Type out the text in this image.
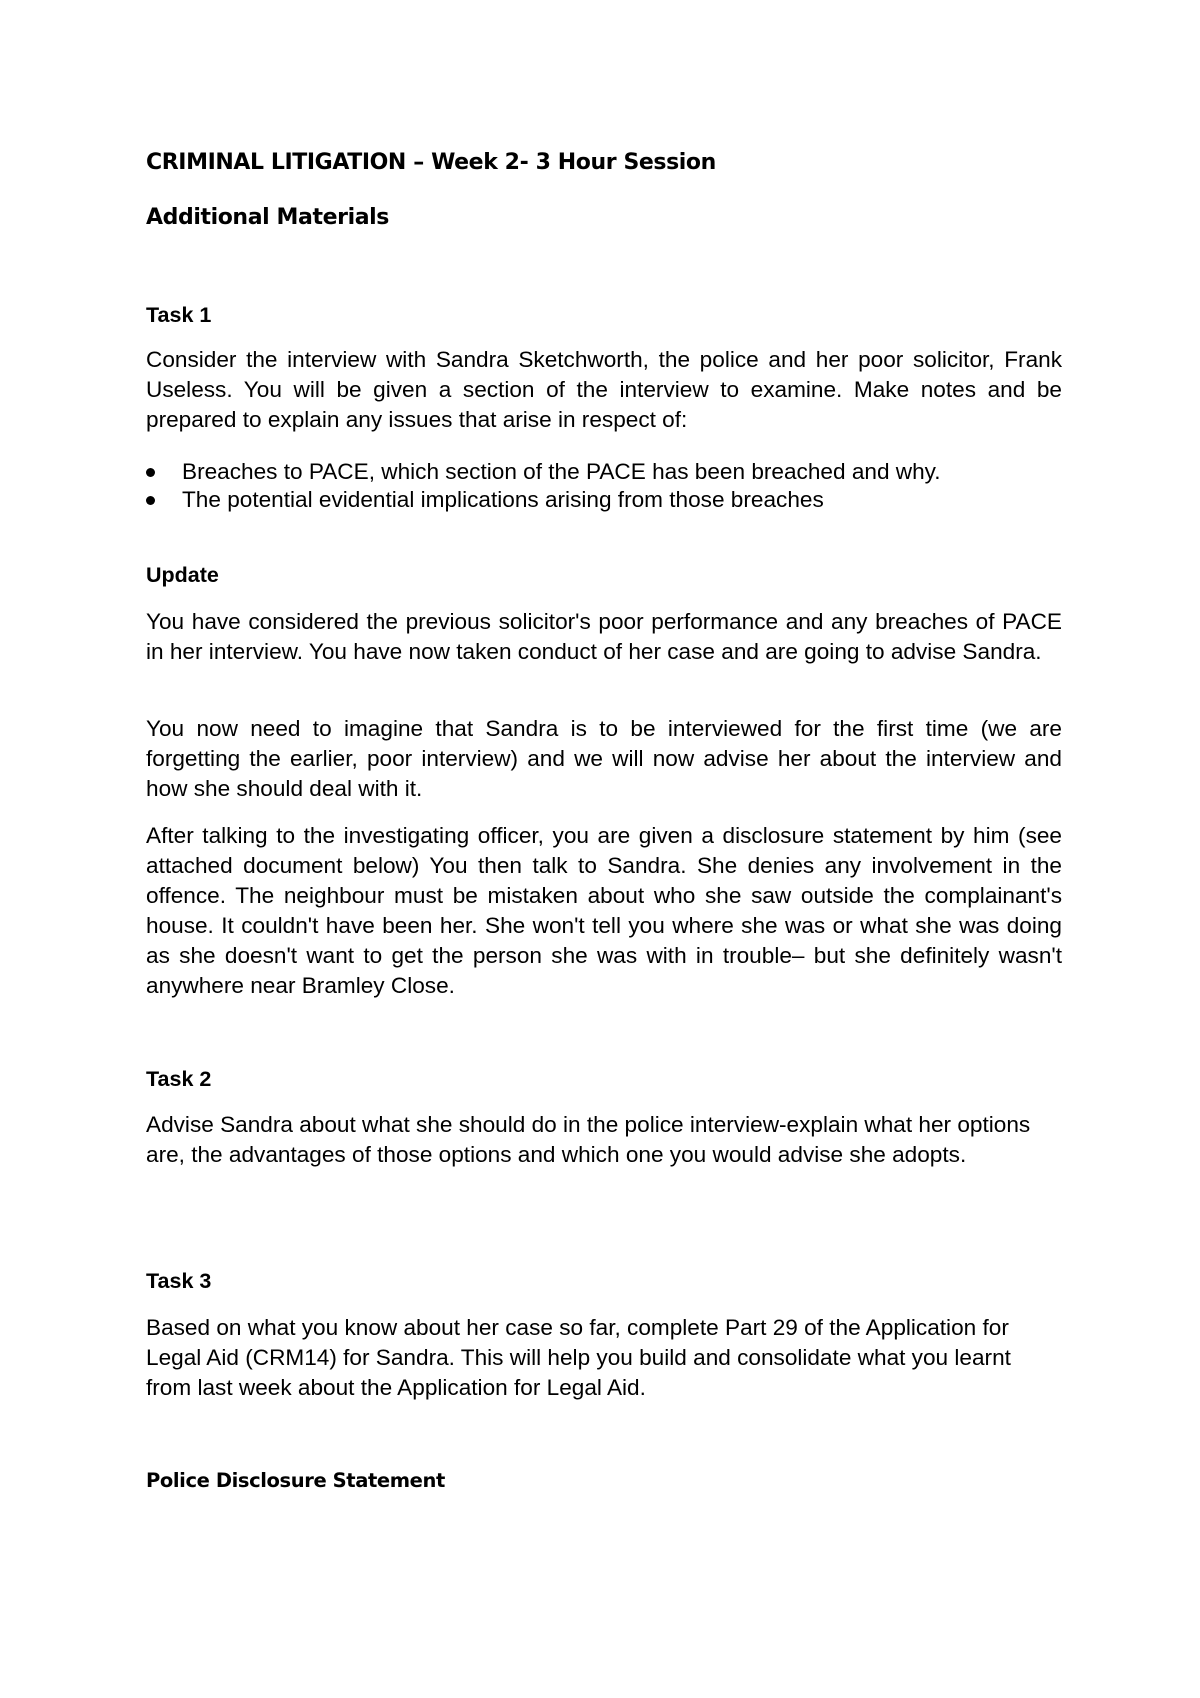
CRIMINAL LITIGATION – Week 2- 3 Hour Session
Additional Materials
Task 1
Consider the interview with Sandra Sketchworth, the police and her poor solicitor, Frank Useless. You will be given a section of the interview to examine. Make notes and be prepared to explain any issues that arise in respect of:
Breaches to PACE, which section of the PACE has been breached and why.
The potential evidential implications arising from those breaches
Update
You have considered the previous solicitor's poor performance and any breaches of PACE in her interview. You have now taken conduct of her case and are going to advise Sandra.
You now need to imagine that Sandra is to be interviewed for the first time (we are forgetting the earlier, poor interview) and we will now advise her about the interview and how she should deal with it.
After talking to the investigating officer, you are given a disclosure statement by him (see attached document below) You then talk to Sandra. She denies any involvement in the offence. The neighbour must be mistaken about who she saw outside the complainant's house. It couldn't have been her. She won't tell you where she was or what she was doing as she doesn't want to get the person she was with in trouble– but she definitely wasn't anywhere near Bramley Close.
Task 2
Advise Sandra about what she should do in the police interview-explain what her options are, the advantages of those options and which one you would advise she adopts.
Task 3
Based on what you know about her case so far, complete Part 29 of the Application for Legal Aid (CRM14) for Sandra. This will help you build and consolidate what you learnt from last week about the Application for Legal Aid.
Police Disclosure Statement
